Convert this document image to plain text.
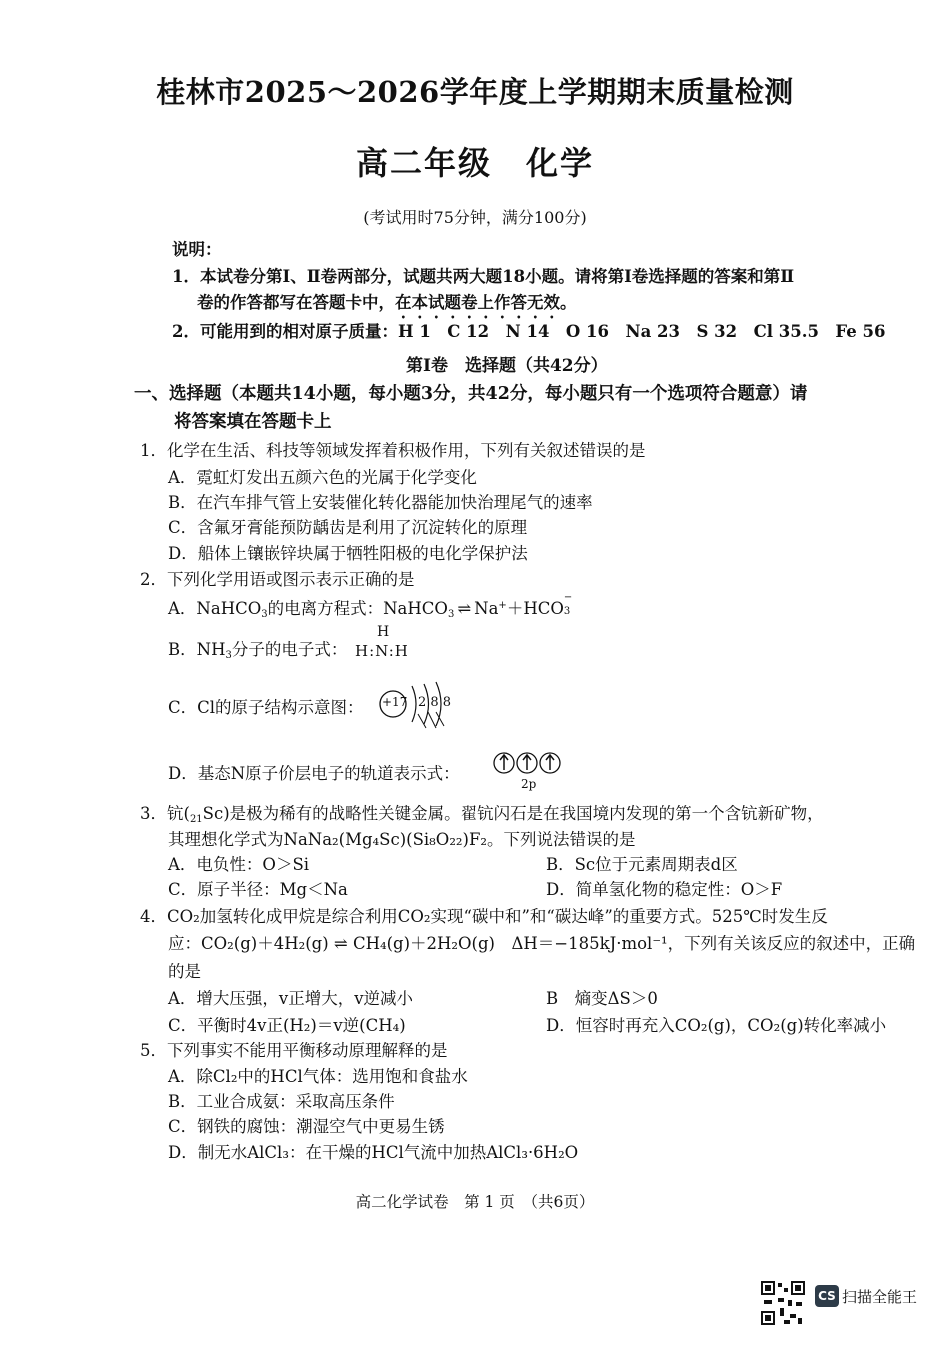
桂林市2025～2026学年度上学期期末质量检测
高二年级　化学
(考试用时75分钟，满分100分)
说明：
1．本试卷分第Ⅰ、Ⅱ卷两部分，试题共两大题18小题。请将第Ⅰ卷选择题的答案和第Ⅱ
卷的作答都写在答题卡中，在本试题卷上作答无效。
2．可能用到的相对原子质量：H 1　C 12　N 14　O 16　Na 23　S 32　Cl 35.5　Fe 56
第Ⅰ卷　选择题（共42分）
一、选择题（本题共14小题，每小题3分，共42分，每小题只有一个选项符合题意）请
将答案填在答题卡上
1．化学在生活、科技等领域发挥着积极作用，下列有关叙述错误的是
A．霓虹灯发出五颜六色的光属于化学变化
B．在汽车排气管上安装催化转化器能加快治理尾气的速率
C．含氟牙膏能预防龋齿是利用了沉淀转化的原理
D．船体上镶嵌锌块属于牺牲阳极的电化学保护法
2．下列化学用语或图示表示正确的是
A．NaHCO$_3$的电离方程式：NaHCO$_3$ ⇌ Na+＋HCO
−
3
B．$NH_3$分子的电子式：
H
H:N:H
C．Cl的原子结构示意图： +17 2 8 8
D．基态N原子价层电子的轨道表示式：
2p
3．钪$(_{21}Sc)$是极为稀有的战略性关键金属。翟钪闪石是在我国境内发现的第一个含钪新矿物，
其理想化学式为NaNa₂(Mg₄Sc)(Si₈O₂₂)F₂。下列说法错误的是
A．电负性：O＞Si	B．Sc位于元素周期表d区
C．原子半径：Mg＜Na	D．简单氢化物的稳定性：O＞F
4．CO₂加氢转化成甲烷是综合利用CO₂实现“碳中和”和“碳达峰”的重要方式。525℃时发生反
应：CO₂(g)＋4H₂(g) ⇌ CH₄(g)＋2H₂O(g)　ΔH＝−185kJ·mol⁻¹，下列有关该反应的叙述中，正确
的是
A．增大压强，v正增大，v逆减小	B　熵变ΔS＞0
C．平衡时4v正(H₂)＝v逆(CH₄)	D．恒容时再充入CO₂(g)，CO₂(g)转化率减小
5．下列事实不能用平衡移动原理解释的是
A．除Cl₂中的HCl气体：选用饱和食盐水
B．工业合成氨：采取高压条件
C．钢铁的腐蚀：潮湿空气中更易生锈
D．制无水AlCl₃：在干燥的HCl气流中加热AlCl₃·6H₂O
高二化学试卷　第 1 页　（共6页）
CS 扫描全能王
